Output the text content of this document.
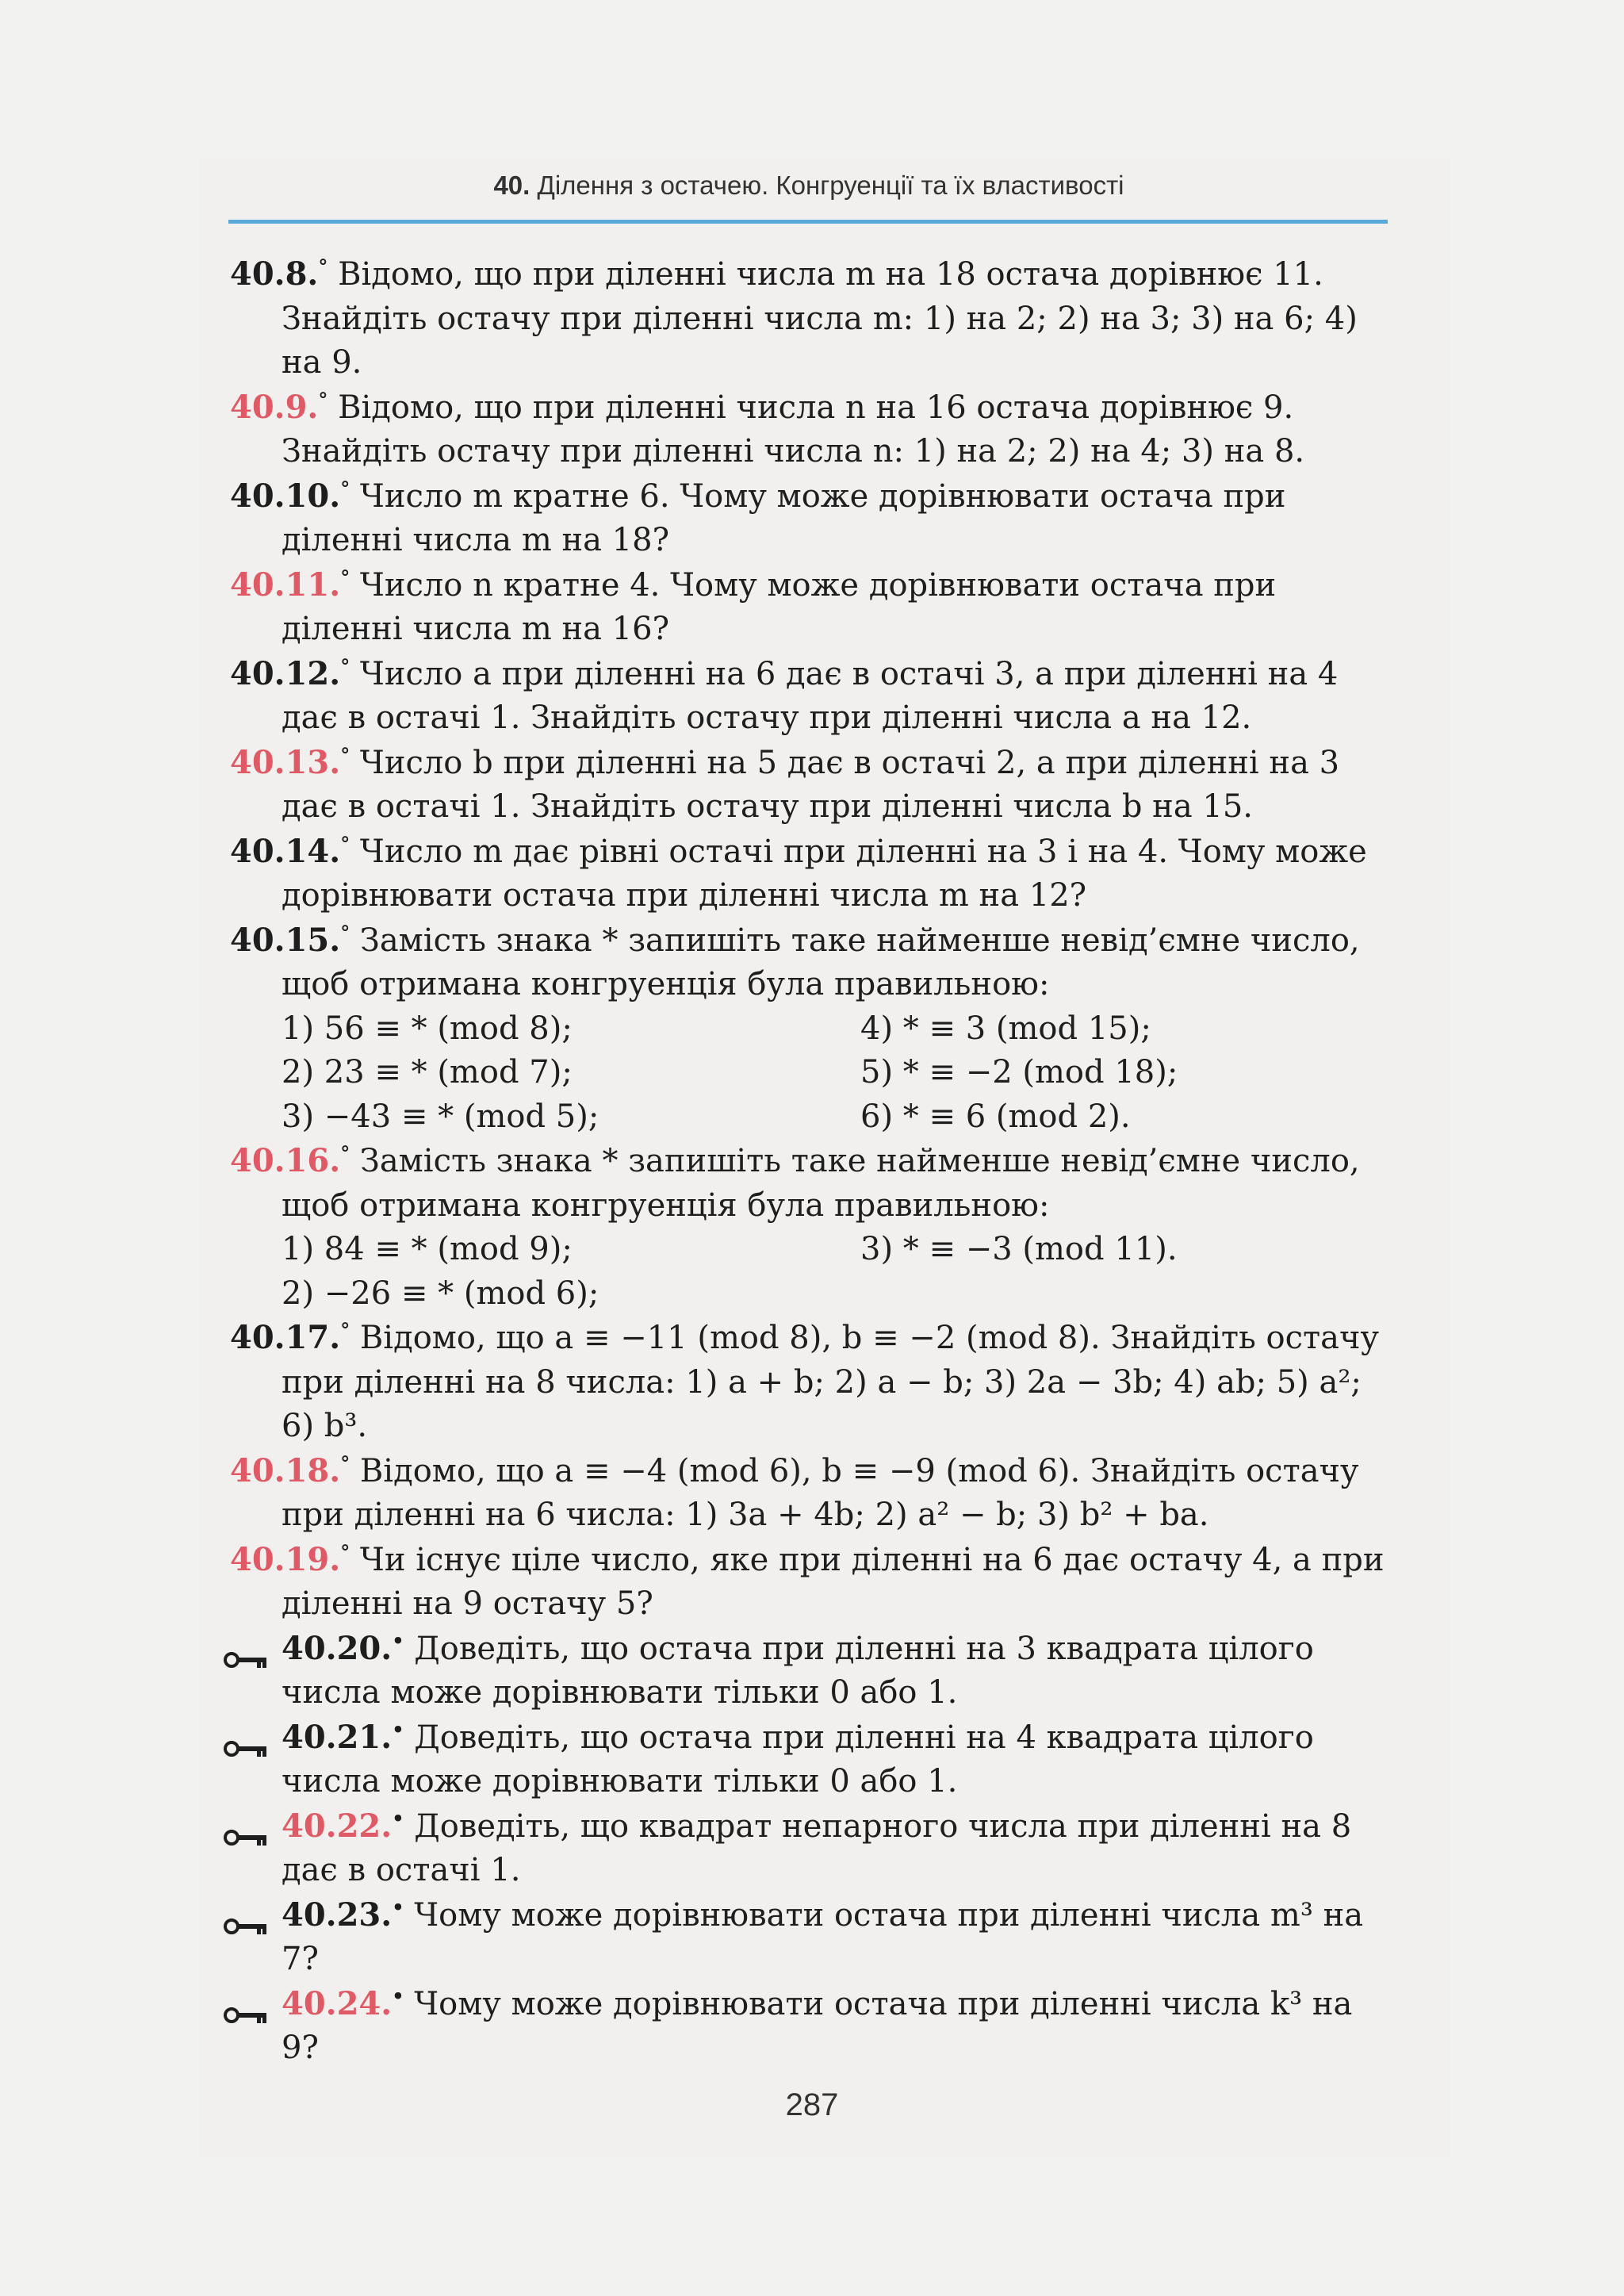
40. Ділення з остачею. Конгруенції та їх властивості
40.8.° Відомо, що при діленні числа m на 18 остача дорівнює 11. Знайдіть остачу при діленні числа m: 1) на 2; 2) на 3; 3) на 6; 4) на 9.
40.9.° Відомо, що при діленні числа n на 16 остача дорівнює 9. Знайдіть остачу при діленні числа n: 1) на 2; 2) на 4; 3) на 8.
40.10.° Число m кратне 6. Чому може дорівнювати остача при діленні числа m на 18?
40.11.° Число n кратне 4. Чому може дорівнювати остача при діленні числа m на 16?
40.12.° Число a при діленні на 6 дає в остачі 3, а при діленні на 4 дає в остачі 1. Знайдіть остачу при діленні числа a на 12.
40.13.° Число b при діленні на 5 дає в остачі 2, а при діленні на 3 дає в остачі 1. Знайдіть остачу при діленні числа b на 15.
40.14.° Число m дає рівні остачі при діленні на 3 і на 4. Чому може дорівнювати остача при діленні числа m на 12?
40.15.° Замість знака * запишіть таке найменше невід’ємне число, щоб отримана конгруенція була правильною:
1) 56 ≡ * (mod 8);	4) * ≡ 3 (mod 15);
2) 23 ≡ * (mod 7);	5) * ≡ −2 (mod 18);
3) −43 ≡ * (mod 5);	6) * ≡ 6 (mod 2).
40.16.° Замість знака * запишіть таке найменше невід’ємне число, щоб отримана конгруенція була правильною:
1) 84 ≡ * (mod 9);	3) * ≡ −3 (mod 11).
2) −26 ≡ * (mod 6);
40.17.° Відомо, що a ≡ −11 (mod 8), b ≡ −2 (mod 8). Знайдіть остачу при діленні на 8 числа: 1) a + b; 2) a − b; 3) 2a − 3b; 4) ab; 5) a²; 6) b³.
40.18.° Відомо, що a ≡ −4 (mod 6), b ≡ −9 (mod 6). Знайдіть остачу при діленні на 6 числа: 1) 3a + 4b; 2) a² − b; 3) b² + ba.
40.19.° Чи існує ціле число, яке при діленні на 6 дає остачу 4, а при діленні на 9 остачу 5?
40.20.• Доведіть, що остача при діленні на 3 квадрата цілого числа може дорівнювати тільки 0 або 1.
40.21.• Доведіть, що остача при діленні на 4 квадрата цілого числа може дорівнювати тільки 0 або 1.
40.22.• Доведіть, що квадрат непарного числа при діленні на 8 дає в остачі 1.
40.23.• Чому може дорівнювати остача при діленні числа m³ на 7?
40.24.• Чому може дорівнювати остача при діленні числа k³ на 9?
287
